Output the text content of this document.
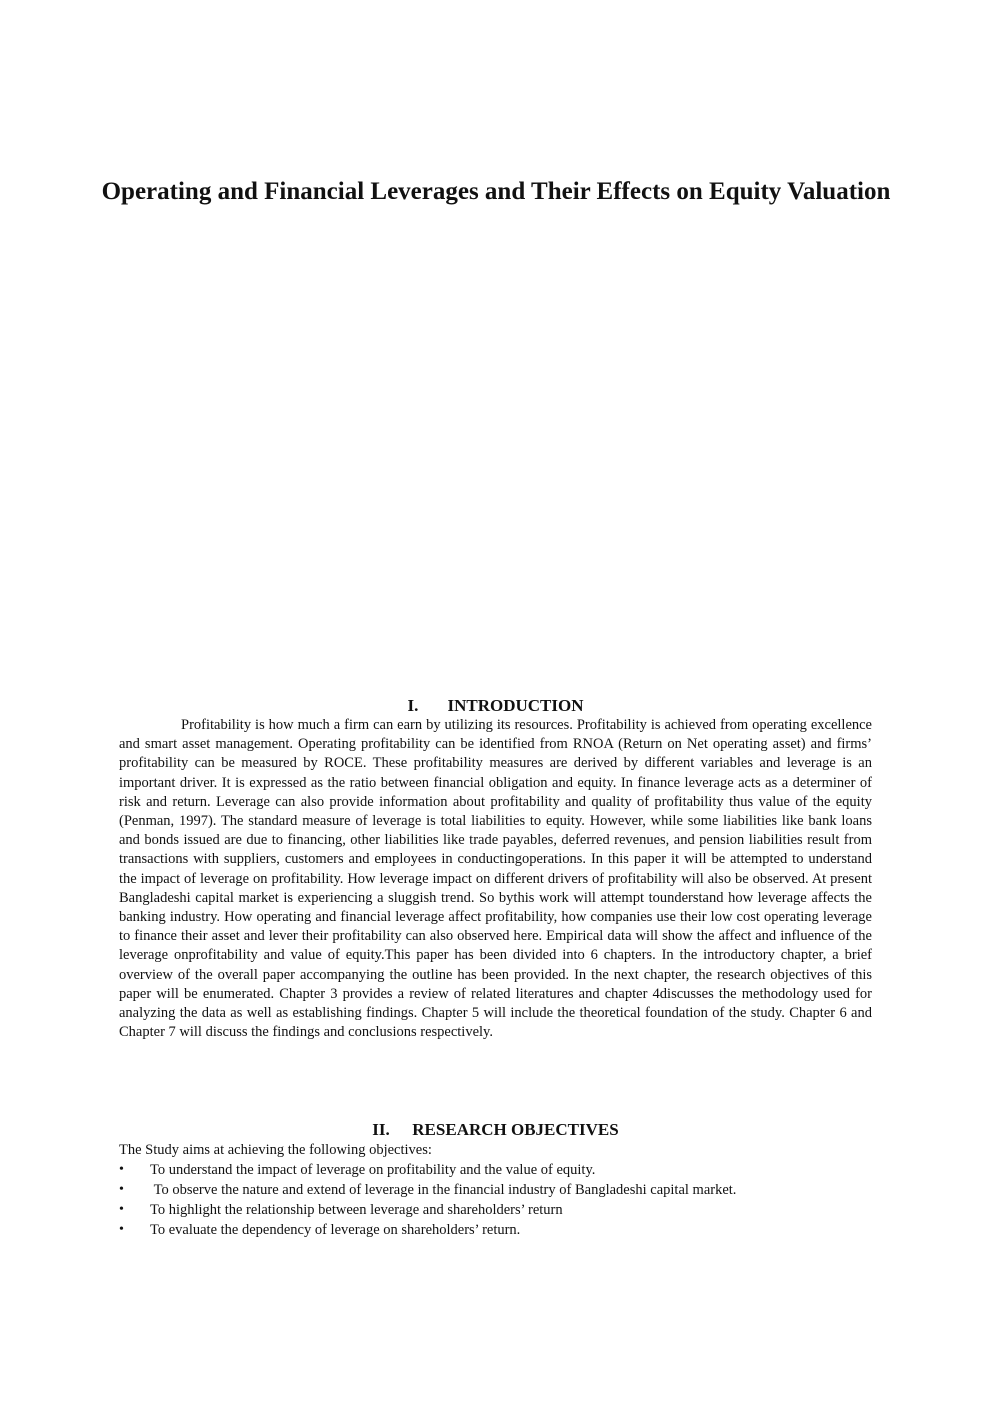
Operating and Financial Leverages and Their Effects on Equity Valuation
I. INTRODUCTION

Profitability is how much a firm can earn by utilizing its resources. Profitability is achieved from operating excellence and smart asset management. Operating profitability can be identified from RNOA (Return on Net operating asset) and firms’ profitability can be measured by ROCE. These profitability measures are derived by different variables and leverage is an important driver. It is expressed as the ratio between financial obligation and equity. In finance leverage acts as a determiner of risk and return. Leverage can also provide information about profitability and quality of profitability thus value of the equity (Penman, 1997). The standard measure of leverage is total liabilities to equity. However, while some liabilities like bank loans and bonds issued are due to financing, other liabilities like trade payables, deferred revenues, and pension liabilities result from transactions with suppliers, customers and employees in conductingoperations. In this paper it will be attempted to understand the impact of leverage on profitability. How leverage impact on different drivers of profitability will also be observed. At present Bangladeshi capital market is experiencing a sluggish trend. So bythis work will attempt tounderstand how leverage affects the banking industry. How operating and financial leverage affect profitability, how companies use their low cost operating leverage to finance their asset and lever their profitability can also observed here. Empirical data will show the affect and influence of the leverage onprofitability and value of equity.This paper has been divided into 6 chapters. In the introductory chapter, a brief overview of the overall paper accompanying the outline has been provided. In the next chapter, the research objectives of this paper will be enumerated. Chapter 3 provides a review of related literatures and chapter 4discusses the methodology used for analyzing the data as well as establishing findings. Chapter 5 will include the theoretical foundation of the study. Chapter 6 and Chapter 7 will discuss the findings and conclusions respectively.

II. RESEARCH OBJECTIVES

The Study aims at achieving the following objectives:

•	To understand the impact of leverage on profitability and the value of equity.
•	To observe the nature and extend of leverage in the financial industry of Bangladeshi capital market.
•	To highlight the relationship between leverage and shareholders’ return
•	To evaluate the dependency of leverage on shareholders’ return.
